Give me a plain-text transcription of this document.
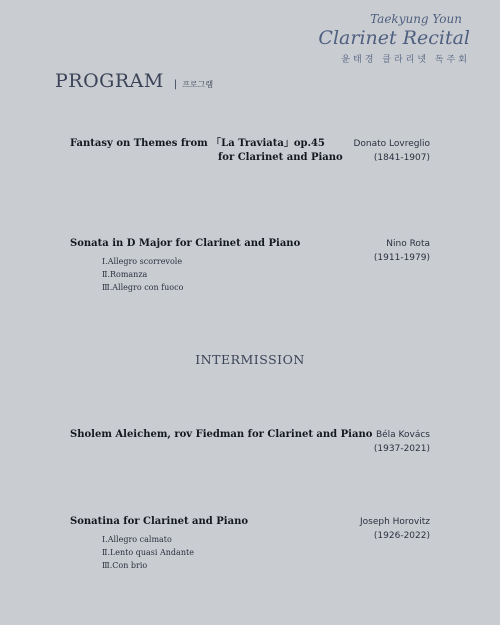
Taekyung Youn
Clarinet Recital
윤태경 클라리넷 독주회
PROGRAM | 프로그램
Fantasy on Themes from 「La Traviata」op.45
for Clarinet and Piano
Donato Lovreglio
(1841-1907)
Sonata in D Major for Clarinet and Piano
Ⅰ.Allegro scorrevole
Ⅱ.Romanza
Ⅲ.Allegro con fuoco
Nino Rota
(1911-1979)
INTERMISSION
Sholem Aleichem, rov Fiedman for Clarinet and Piano Béla Kovács
(1937-2021)
Sonatina for Clarinet and Piano
Ⅰ.Allegro calmato
Ⅱ.Lento quasi Andante
Ⅲ.Con brio
Joseph Horovitz
(1926-2022)
